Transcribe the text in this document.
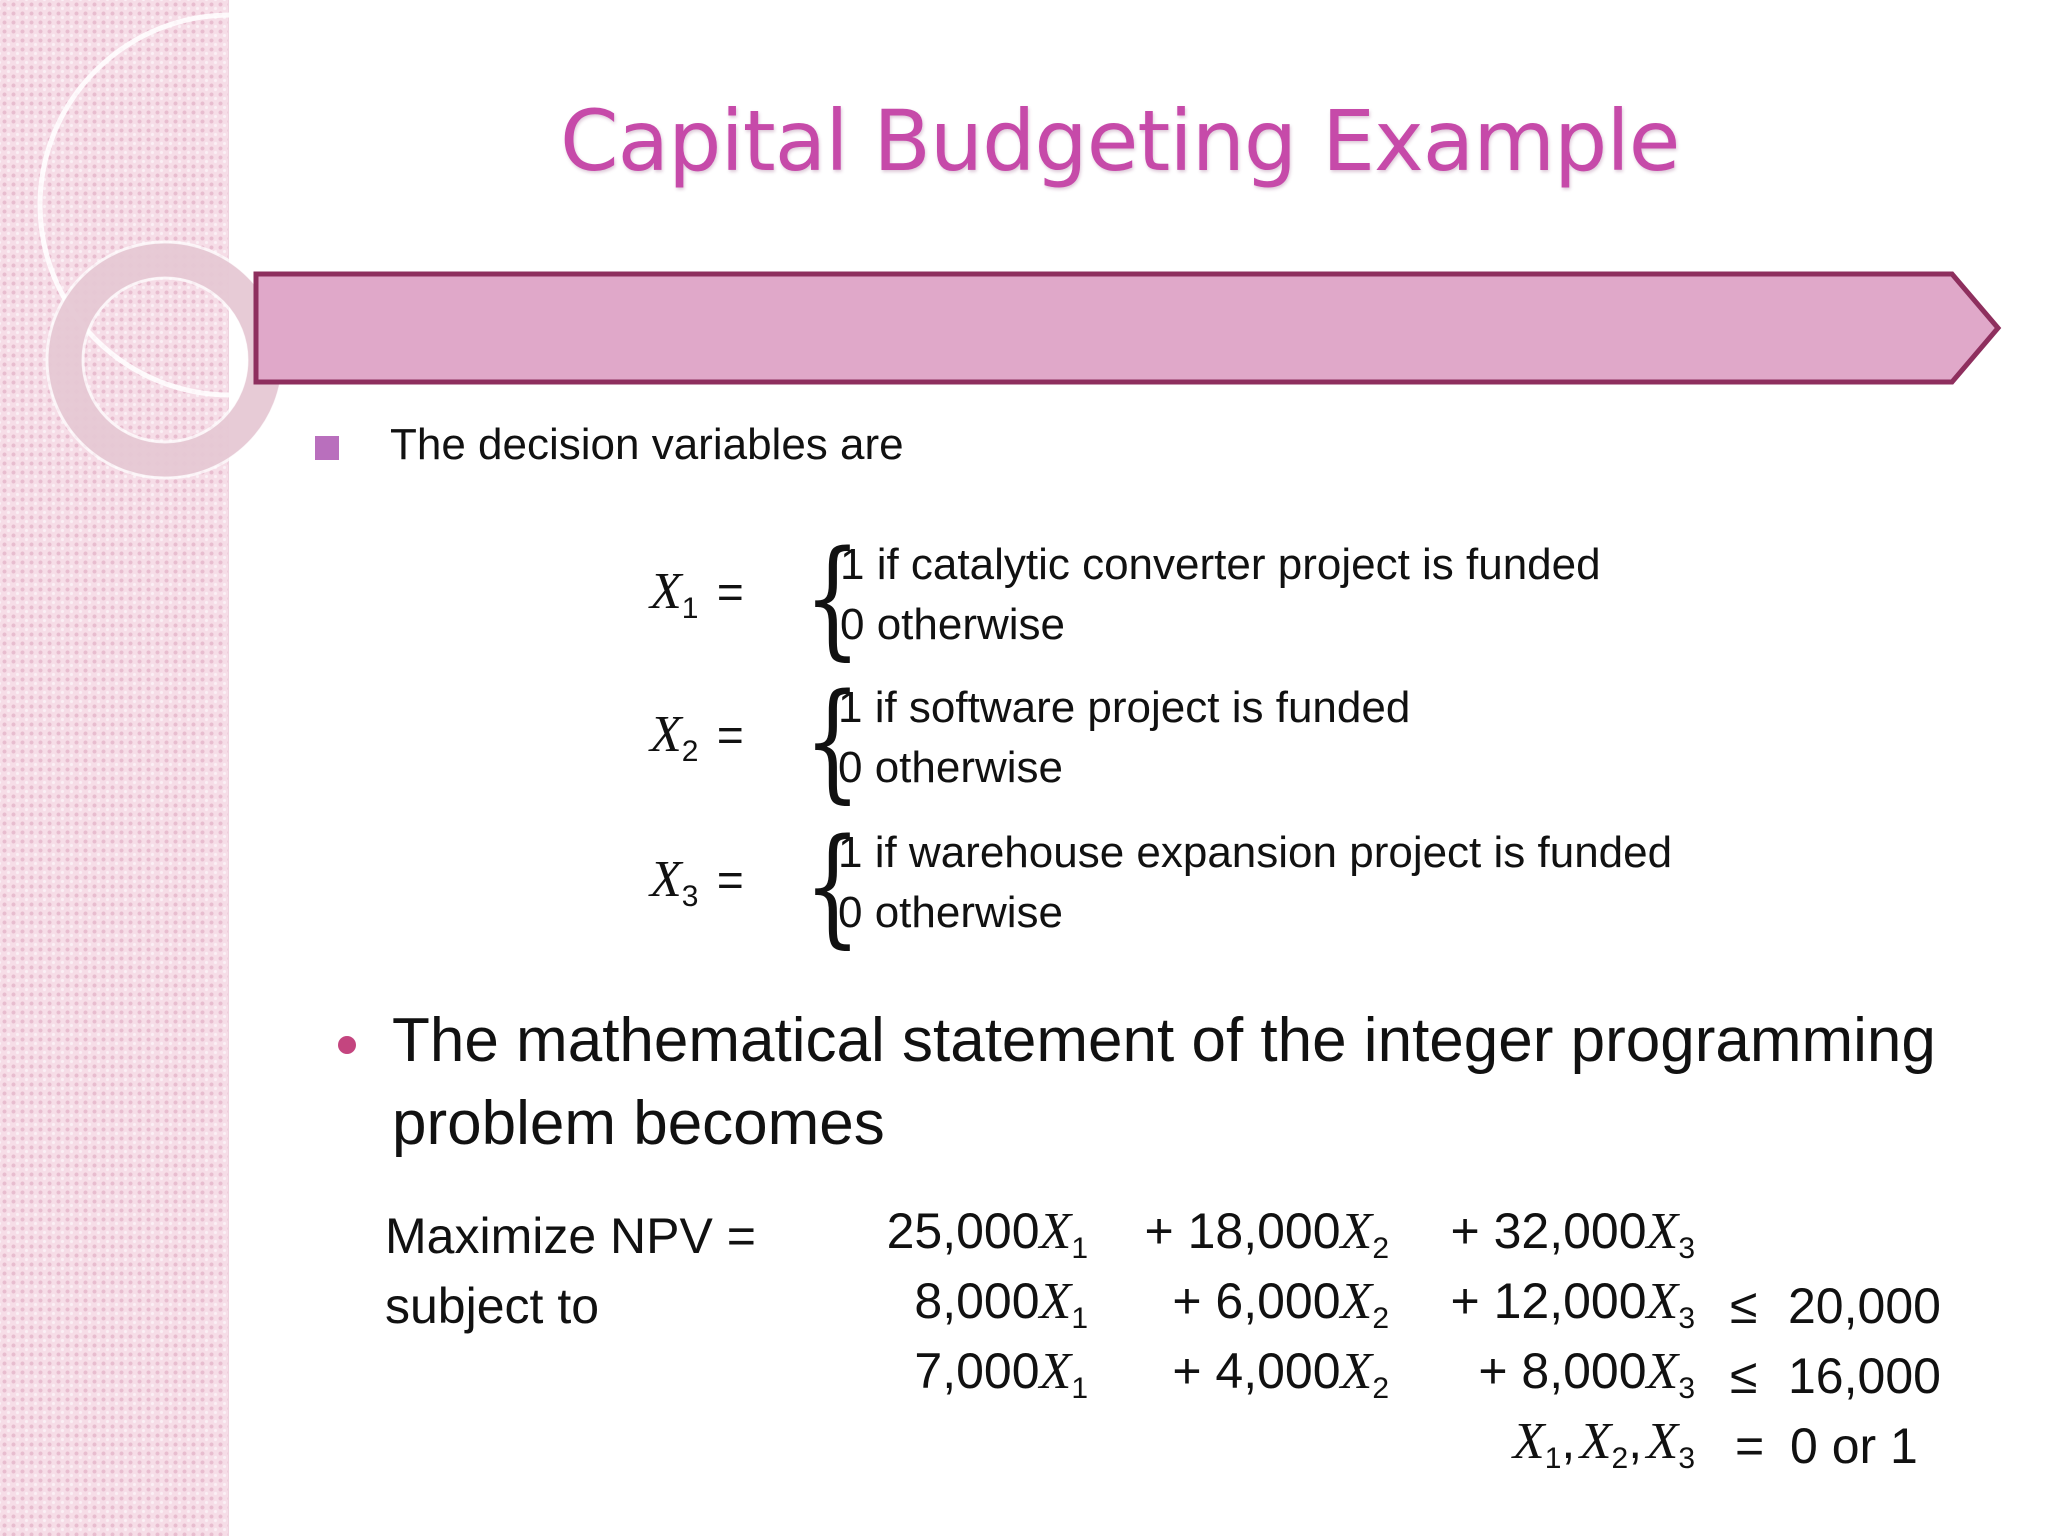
Capital Budgeting Example
The decision variables are
X1 = {
1 if catalytic converter project is funded
0 otherwise
X2 = {
1 if software project is funded
0 otherwise
X3 = {
1 if warehouse expansion project is funded
0 otherwise
The mathematical statement of the integer programming
problem becomes
Maximize NPV =
subject to
25,000X1	+ 18,000X2	+ 32,000X3
8,000X1	+ 6,000X2	+ 12,000X3 ≤ 20,000
7,000X1	+ 4,000X2	+ 8,000X3 ≤ 16,000
X1, X2, X3 = 0 or 1
